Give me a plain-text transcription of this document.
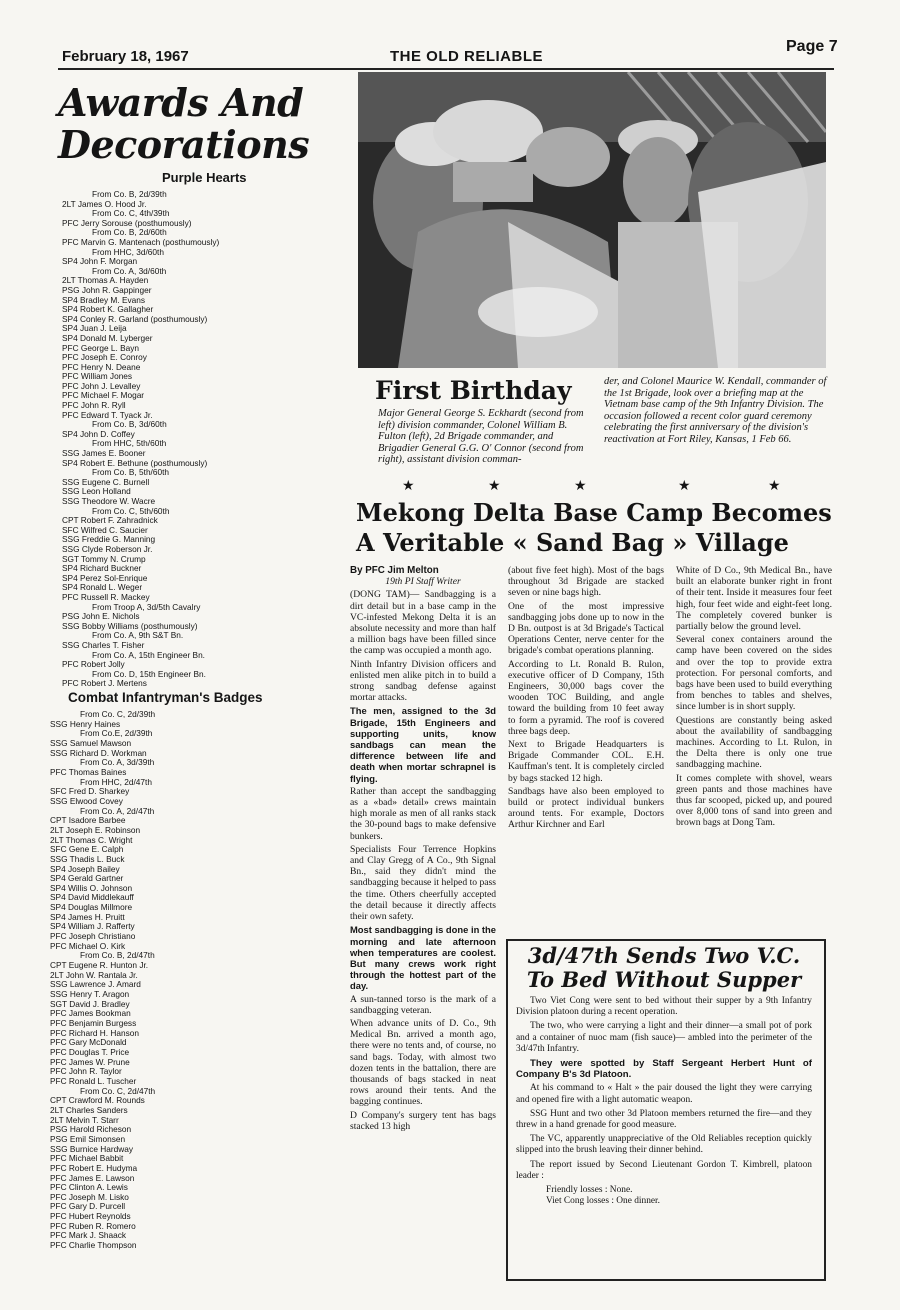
February 18, 1967	THE OLD RELIABLE
Page 7
Awards And Decorations
Purple Hearts
From Co. B, 2d/39th
2LT James O. Hood Jr.
From Co. C, 4th/39th
PFC Jerry Sorouse (posthumously)
From Co. B, 2d/60th
PFC Marvin G. Mantenach (posthumously)
From HHC, 3d/60th
SP4 John F. Morgan
From Co. A, 3d/60th
2LT Thomas A. Hayden
PSG John R. Gappinger
SP4 Bradley M. Evans
SP4 Robert K. Gallagher
SP4 Conley R. Garland (posthumously)
SP4 Juan J. Leija
SP4 Donald M. Lyberger
PFC George L. Bayn
PFC Joseph E. Conroy
PFC Henry N. Deane
PFC William Jones
PFC John J. Levalley
PFC Michael F. Mogar
PFC John R. Ryll
PFC Edward T. Tyack Jr.
From Co. B, 3d/60th
SP4 John D. Coffey
From HHC, 5th/60th
SSG James E. Booner
SP4 Robert E. Bethune (posthumously)
From Co. B, 5th/60th
SSG Eugene C. Burnell
SSG Leon Holland
SSG Theodore W. Wacre
From Co. C, 5th/60th
CPT Robert F. Zahradnick
SFC Wilfred C. Saucier
SSG Freddie G. Manning
SSG Clyde Roberson Jr.
SGT Tommy N. Crump
SP4 Richard Buckner
SP4 Perez Sol-Enrique
SP4 Ronald L. Weger
PFC Russell R. Mackey
From Troop A, 3d/5th Cavalry
PSG John E. Nichols
SSG Bobby Williams (posthumously)
From Co. A, 9th S&T Bn.
SSG Charles T. Fisher
From Co. A, 15th Engineer Bn.
PFC Robert Jolly
From Co. D, 15th Engineer Bn.
PFC Robert J. Mertens
Combat Infantryman's Badges
From Co. C, 2d/39th
SSG Henry Haines
From Co.E, 2d/39th
SSG Samuel Mawson
SSG Richard D. Workman
From Co. A, 3d/39th
PFC Thomas Baines
From HHC, 2d/47th
SFC Fred D. Sharkey
SSG Elwood Covey
From Co. A, 2d/47th
CPT Isadore Barbee
2LT Joseph E. Robinson
2LT Thomas C. Wright
SFC Gene E. Calph
SSG Thadis L. Buck
SP4 Joseph Bailey
SP4 Gerald Gartner
SP4 Willis O. Johnson
SP4 David Middlekauff
SP4 Douglas Millmore
SP4 James H. Pruitt
SP4 William J. Rafferty
PFC Joseph Christiano
PFC Michael O. Kirk
From Co. B, 2d/47th
CPT Eugene R. Hunton Jr.
2LT John W. Rantala Jr.
SSG Lawrence J. Amard
SSG Henry T. Aragon
SGT David J. Bradley
PFC James Bookman
PFC Benjamin Burgess
PFC Richard H. Hanson
PFC Gary McDonald
PFC Douglas T. Price
PFC James W. Prune
PFC John R. Taylor
PFC Ronald L. Tuscher
From Co. C, 2d/47th
CPT Crawford M. Rounds
2LT Charles Sanders
2LT Melvin T. Starr
PSG Harold Richeson
PSG Emil Simonsen
SSG Burnice Hardway
PFC Michael Babbit
PFC Robert E. Hudyma
PFC James E. Lawson
PFC Clinton A. Lewis
PFC Joseph M. Lisko
PFC Gary D. Purcell
PFC Hubert Reynolds
PFC Ruben R. Romero
PFC Mark J. Shaack
PFC Charlie Thompson
First Birthday
Major General George S. Eckhardt (second from left) division commander, Colonel William B. Fulton (left), 2d Brigade commander, and Brigadier General G.G. O' Connor (second from right), assistant division comman-
der, and Colonel Maurice W. Kendall, commander of the 1st Brigade, look over a briefing map at the Vietnam base camp of the 9th Infantry Division. The occasion followed a recent color guard ceremony celebrating the first anniversary of the division's reactivation at Fort Riley, Kansas, 1 Feb 66.
★	★	★	★	★
Mekong Delta Base Camp Becomes
A Veritable « Sand Bag » Village
By PFC Jim Melton
19th PI Staff Writer

(DONG TAM)— Sandbagging is a dirt detail but in a base camp in the VC-infested Mekong Delta it is an absolute necessity and more than half a million bags have been filled since the camp was occupied a month ago.

Ninth Infantry Division officers and enlisted men alike pitch in to build a strong sandbag defense against mortar attacks.

The men, assigned to the 3d Brigade, 15th Engineers and supporting units, know sandbags can mean the difference between life and death when mortar schrapnel is flying.

Rather than accept the sandbagging as a «bad» detail» crews maintain high morale as men of all ranks stack the 30-pound bags to make defensive bunkers.

Specialists Four Terrence Hopkins and Clay Gregg of A Co., 9th Signal Bn., said they didn't mind the sandbagging because it helped to pass the time. Others cheerfully accepted the detail because it directly affects their own safety.

Most sandbagging is done in the morning and late afternoon when temperatures are coolest. But many crews work right through the hottest part of the day.

A sun-tanned torso is the mark of a sandbagging veteran.

When advance units of D. Co., 9th Medical Bn. arrived a month ago, there were no tents and, of course, no sand bags. Today, with almost two dozen tents in the battalion, there are thousands of bags stacked in neat rows around their tents. And the bagging continues.

D Company's surgery tent has bags stacked 13 high

(about five feet high). Most of the bags throughout 3d Brigade are stacked seven or nine bags high.

One of the most impressive sandbagging jobs done up to now in the D Bn. outpost is at 3d Brigade's Tactical Operations Center, nerve center for the brigade's combat operations planning.

According to Lt. Ronald B. Rulon, executive officer of D Company, 15th Engineers, 30,000 bags cover the wooden TOC Building, and angle toward the building from 10 feet away to form a pyramid. The roof is covered three bags deep.

Next to Brigade Headquarters is Brigade Commander COL. E.H. Kauffman's tent. It is completely circled by bags stacked 12 high.

Sandbags have also been employed to build or protect individual bunkers around tents. For example, Doctors Arthur Kirchner and Earl

White of D Co., 9th Medical Bn., have built an elaborate bunker right in front of their tent. Inside it measures four feet high, four feet wide and eight-feet long. The completely covered bunker is partially below the ground level.

Several conex containers around the camp have been covered on the sides and over the top to provide extra protection. For personal comforts, and bags have been used to build everything from benches to tables and shelves, since lumber is in short supply.

Questions are constantly being asked about the availability of sandbagging machines. According to Lt. Rulon, in the Delta there is only one true sandbagging machine.

It comes complete with shovel, wears green pants and those machines have thus far scooped, picked up, and poured over 8,000 tons of sand into green and brown bags at Dong Tam.

3d/47th Sends Two V.C.
To Bed Without Supper

Two Viet Cong were sent to bed without their supper by a 9th Infantry Division platoon during a recent operation.

The two, who were carrying a light and their dinner—a small pot of pork and a container of nuoc mam (fish sauce)— ambled into the perimeter of the 3d/47th Infantry.

They were spotted by Staff Sergeant Herbert Hunt of Company B's 3d Platoon.

At his command to « Halt » the pair doused the light they were carrying and opened fire with a light automatic weapon.

SSG Hunt and two other 3d Platoon members returned the fire—and they threw in a hand grenade for good measure.

The VC, apparently unappreciative of the Old Reliables reception quickly slipped into the brush leaving their dinner behind.

The report issued by Second Lieutenant Gordon T. Kimbrell, platoon leader :

Friendly losses : None.

Viet Cong losses : One dinner.
